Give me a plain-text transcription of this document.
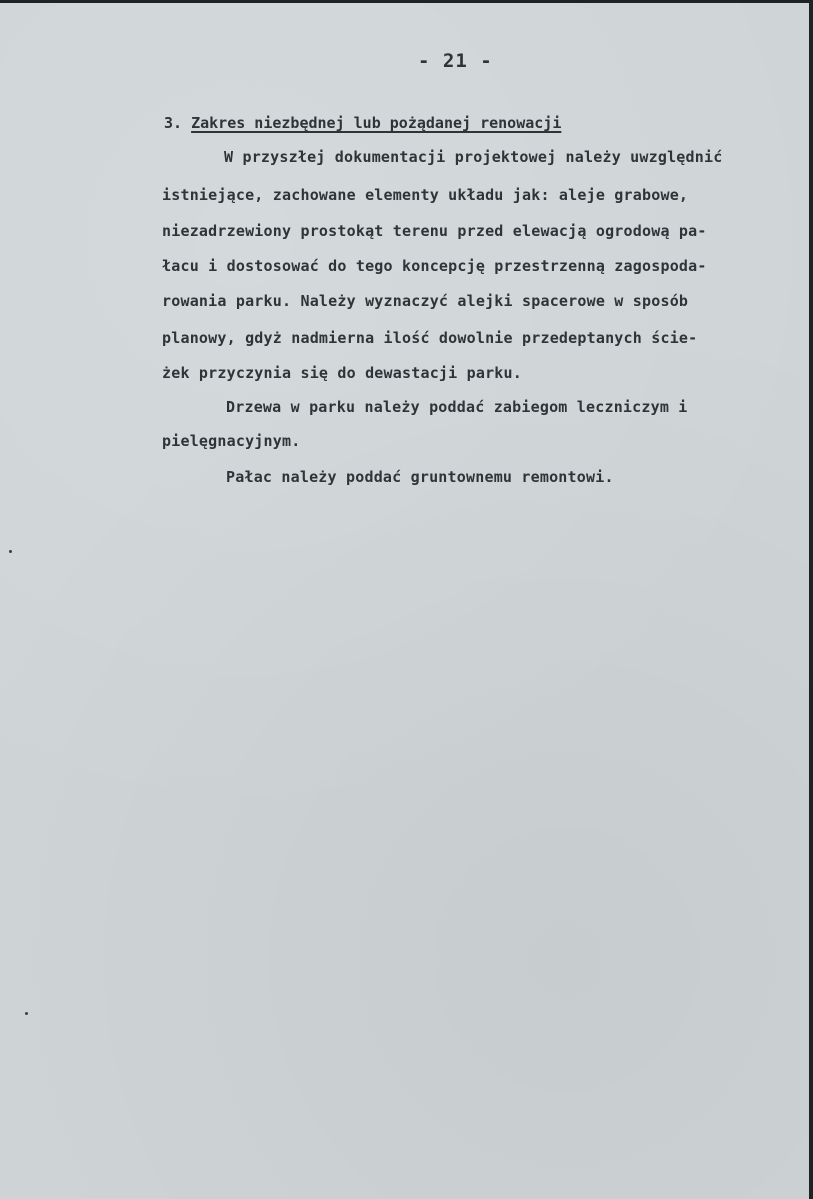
- 21 -
3. Zakres niezbędnej lub pożądanej renowacji
W przyszłej dokumentacji projektowej należy uwzględnić
istniejące, zachowane elementy układu jak: aleje grabowe,
niezadrzewiony prostokąt terenu przed elewacją ogrodową pa-
łacu i dostosować do tego koncepcję przestrzenną zagospoda-
rowania parku. Należy wyznaczyć alejki spacerowe w sposób
planowy, gdyż nadmierna ilość dowolnie przedeptanych ście-
żek przyczynia się do dewastacji parku.
Drzewa w parku należy poddać zabiegom leczniczym i
pielęgnacyjnym.
Pałac należy poddać gruntownemu remontowi.
